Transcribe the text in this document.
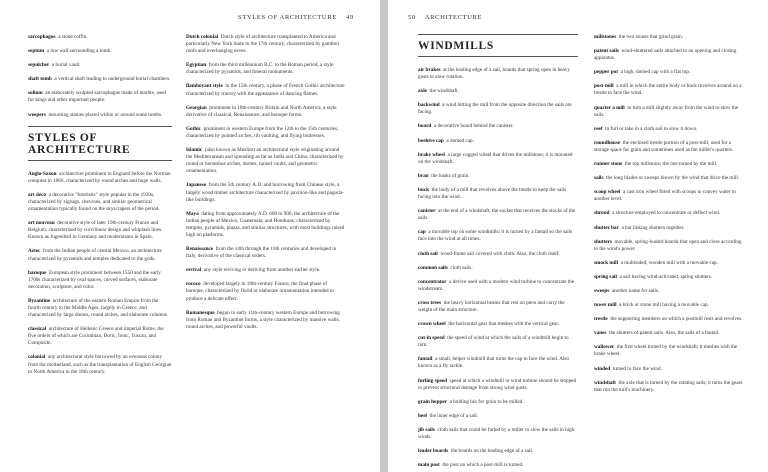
STYLES OF ARCHITECTURE 49

sarcophagus  a stone coffin.

septum  a low wall surrounding a tomb.

sepulcher  a burial vault.

shaft tomb  a vertical shaft leading to underground burial chambers.

solium  an elaborately sculpted sarcophagus made of marble, used for kings and other important people.

weepers  mourning statues placed within or around some tombs.

STYLES OF ARCHITECTURE

Anglo-Saxon  architecture prominent in England before the Norman conquest in 1066, characterized by round arches and huge walls.

art deco  a decorative "futuristic" style popular in the 1930s, characterized by zigzags, chevrons, and similar geometrical ornamentation typically found on the skyscrapers of the period.

art nouveau  decorative style of later 19th-century France and Belgium, characterized by curvilinear design and whiplash lines. Known as Jugendstil in Germany and modernismo in Spain.

Aztec  from the Indian people of central Mexico, an architecture characterized by pyramids and temples dedicated to the gods.

baroque  European style prominent between 1550 and the early 1700s characterized by oval spaces, curved surfaces, elaborate decoration, sculpture, and color.

Byzantine  architecture of the eastern Roman Empire from the fourth century to the Middle Ages, largely in Greece, and characterized by large domes, round arches, and elaborate columns.

classical  architecture of Hellenic Greece and imperial Rome, the five orders of which are Corinthian, Doric, Ionic, Tuscan, and Composite.

colonial  any architectural style borrowed by an overseas colony from the motherland, such as the transplantation of English Georgian to North America in the 18th century.

Dutch colonial  Dutch style of architecture transplanted to America and particularly New York State in the 17th century, characterized by gambrel roofs and overhanging eaves.

Egyptian  from the third millennium B.C. to the Roman period, a style characterized by pyramids, and funeral monuments.

flamboyant style  in the 15th century, a phase of French Gothic architecture characterized by tracery with the appearance of dancing flames.

Georgian  prominent in 18th-century Britain and North America, a style derivative of classical, Renaissance, and baroque forms.

Gothic  prominent in western Europe from the 12th to the 15th centuries, characterized by pointed arches, rib vaulting, and flying buttresses.

Islamic  (also known as Muslim) an architectural style originating around the Mediterranean and spreading as far as India and China, characterized by round or horseshoe arches, domes, tunnel vaults, and geometric ornamentation.

Japanese  from the 5th century A.D. and borrowing from Chinese style, a largely wood timber architecture characterized by pavilion-like and pagoda-like buildings.

Maya  dating from approximately A.D. 600 to 900, the architecture of the Indian people of Mexico, Guatemala, and Honduras, characterized by temples, pyramids, plazas, and similar structures, with most buildings raised high on platforms.

Renaissance  from the 14th through the 16th centuries and developed in Italy, derivative of the classical orders.

revival  any style reviving or deriving from another earlier style.

rococo  developed largely in 18th-century France, the final phase of baroque, characterized by florid or elaborate ornamentation intended to produce a delicate effect.

Romanesque  begun in early 11th-century western Europe and borrowing from Roman and Byzantine forms, a style characterized by massive walls, round arches, and powerful vaults.

50 ARCHITECTURE
WINDMILLS

air brakes  at the leading edge of a sail, boards that spring open in heavy gusts to slow rotation.

axle  the windshaft.

backwind  a wind hitting the mill from the opposite direction the sails are facing.

board  a decorative board behind the canister.

beehive cap  a domed cap.

brake wheel  a large cogged wheel that drives the millstone; it is mounted on the windshaft.

bran  the husks of grain.

buck  the body of a mill that revolves above the trestle to keep the sails facing into the wind.

canister  at the end of a windshaft, the socket that receives the stocks of the sails.

cap  a movable top on some windmills; it is turned by a fantail so the sails face into the wind at all times.

cloth sail  wood-frame sail covered with cloth. Also, the cloth itself.

common sails  cloth sails.

concentrator  a device used with a modern wind turbine to concentrate the windstream.

cross trees  the heavy horizontal beams that rest on piers and carry the weight of the main structure.

crown wheel  the horizontal gear that meshes with the vertical gear.

cut-in speed  the speed of wind at which the sails of a windmill begin to turn.

fantail  a small, helper windmill that turns the cap to face the wind. Also known as a fly tackle.

furling speed  speed at which a windmill or wind turbine should be stopped to prevent structural damage from strong wind gusts.

grain hopper  a holding bin for grain to be milled.

heel  the inner edge of a sail.

jib sails  cloth sails that could be furled by a miller to slow the sails in high winds.

leader boards  the boards on the leading edge of a sail.

main post  the post on which a post-mill is turned.

millstones  the two stones that grind grain.

patent sails  wind-shuttered sails attached to an opening and closing apparatus.

pepper pot  a high, domed cap with a flat top.

post-mill  a mill in which the entire body or buck revolves around on a trestle to face the wind.

quarter a mill  to turn a mill slightly away from the wind to slow the sails.

reef  to furl or take in a cloth sail to slow it down.

roundhouse  the enclosed trestle portion of a post-mill, used for a storage space for grain and sometimes used as the miller's quarters.

runner stone  the top millstone; the one turned by the mill.

sails  the long blades or sweeps blown by the wind that drive the mill.

scoop wheel  a cast iron wheel fitted with scoops to convey water to another level.

shroud  a structure employed to concentrate or deflect wind.

shutter bar  a bar linking shutters together.

shutters  movable, spring-loaded boards that open and close according to the wind's power.

smock mill  a multisided, wooden mill with a movable cap.

spring sail  a sail having wind-activated, spring shutters.

sweeps  another name for sails.

tower mill  a brick or stone mill having a movable cap.

trestle  the supporting members on which a postmill rests and revolves.

vanes  the shutters of patent sails. Also, the sails of a fantail.

wallower  the first wheel turned by the windshaft; it meshes with the brake wheel.

winded  turned to face the wind.

windshaft  the axle that is turned by the rotating sails; it turns the gears that run the mill's machinery.
